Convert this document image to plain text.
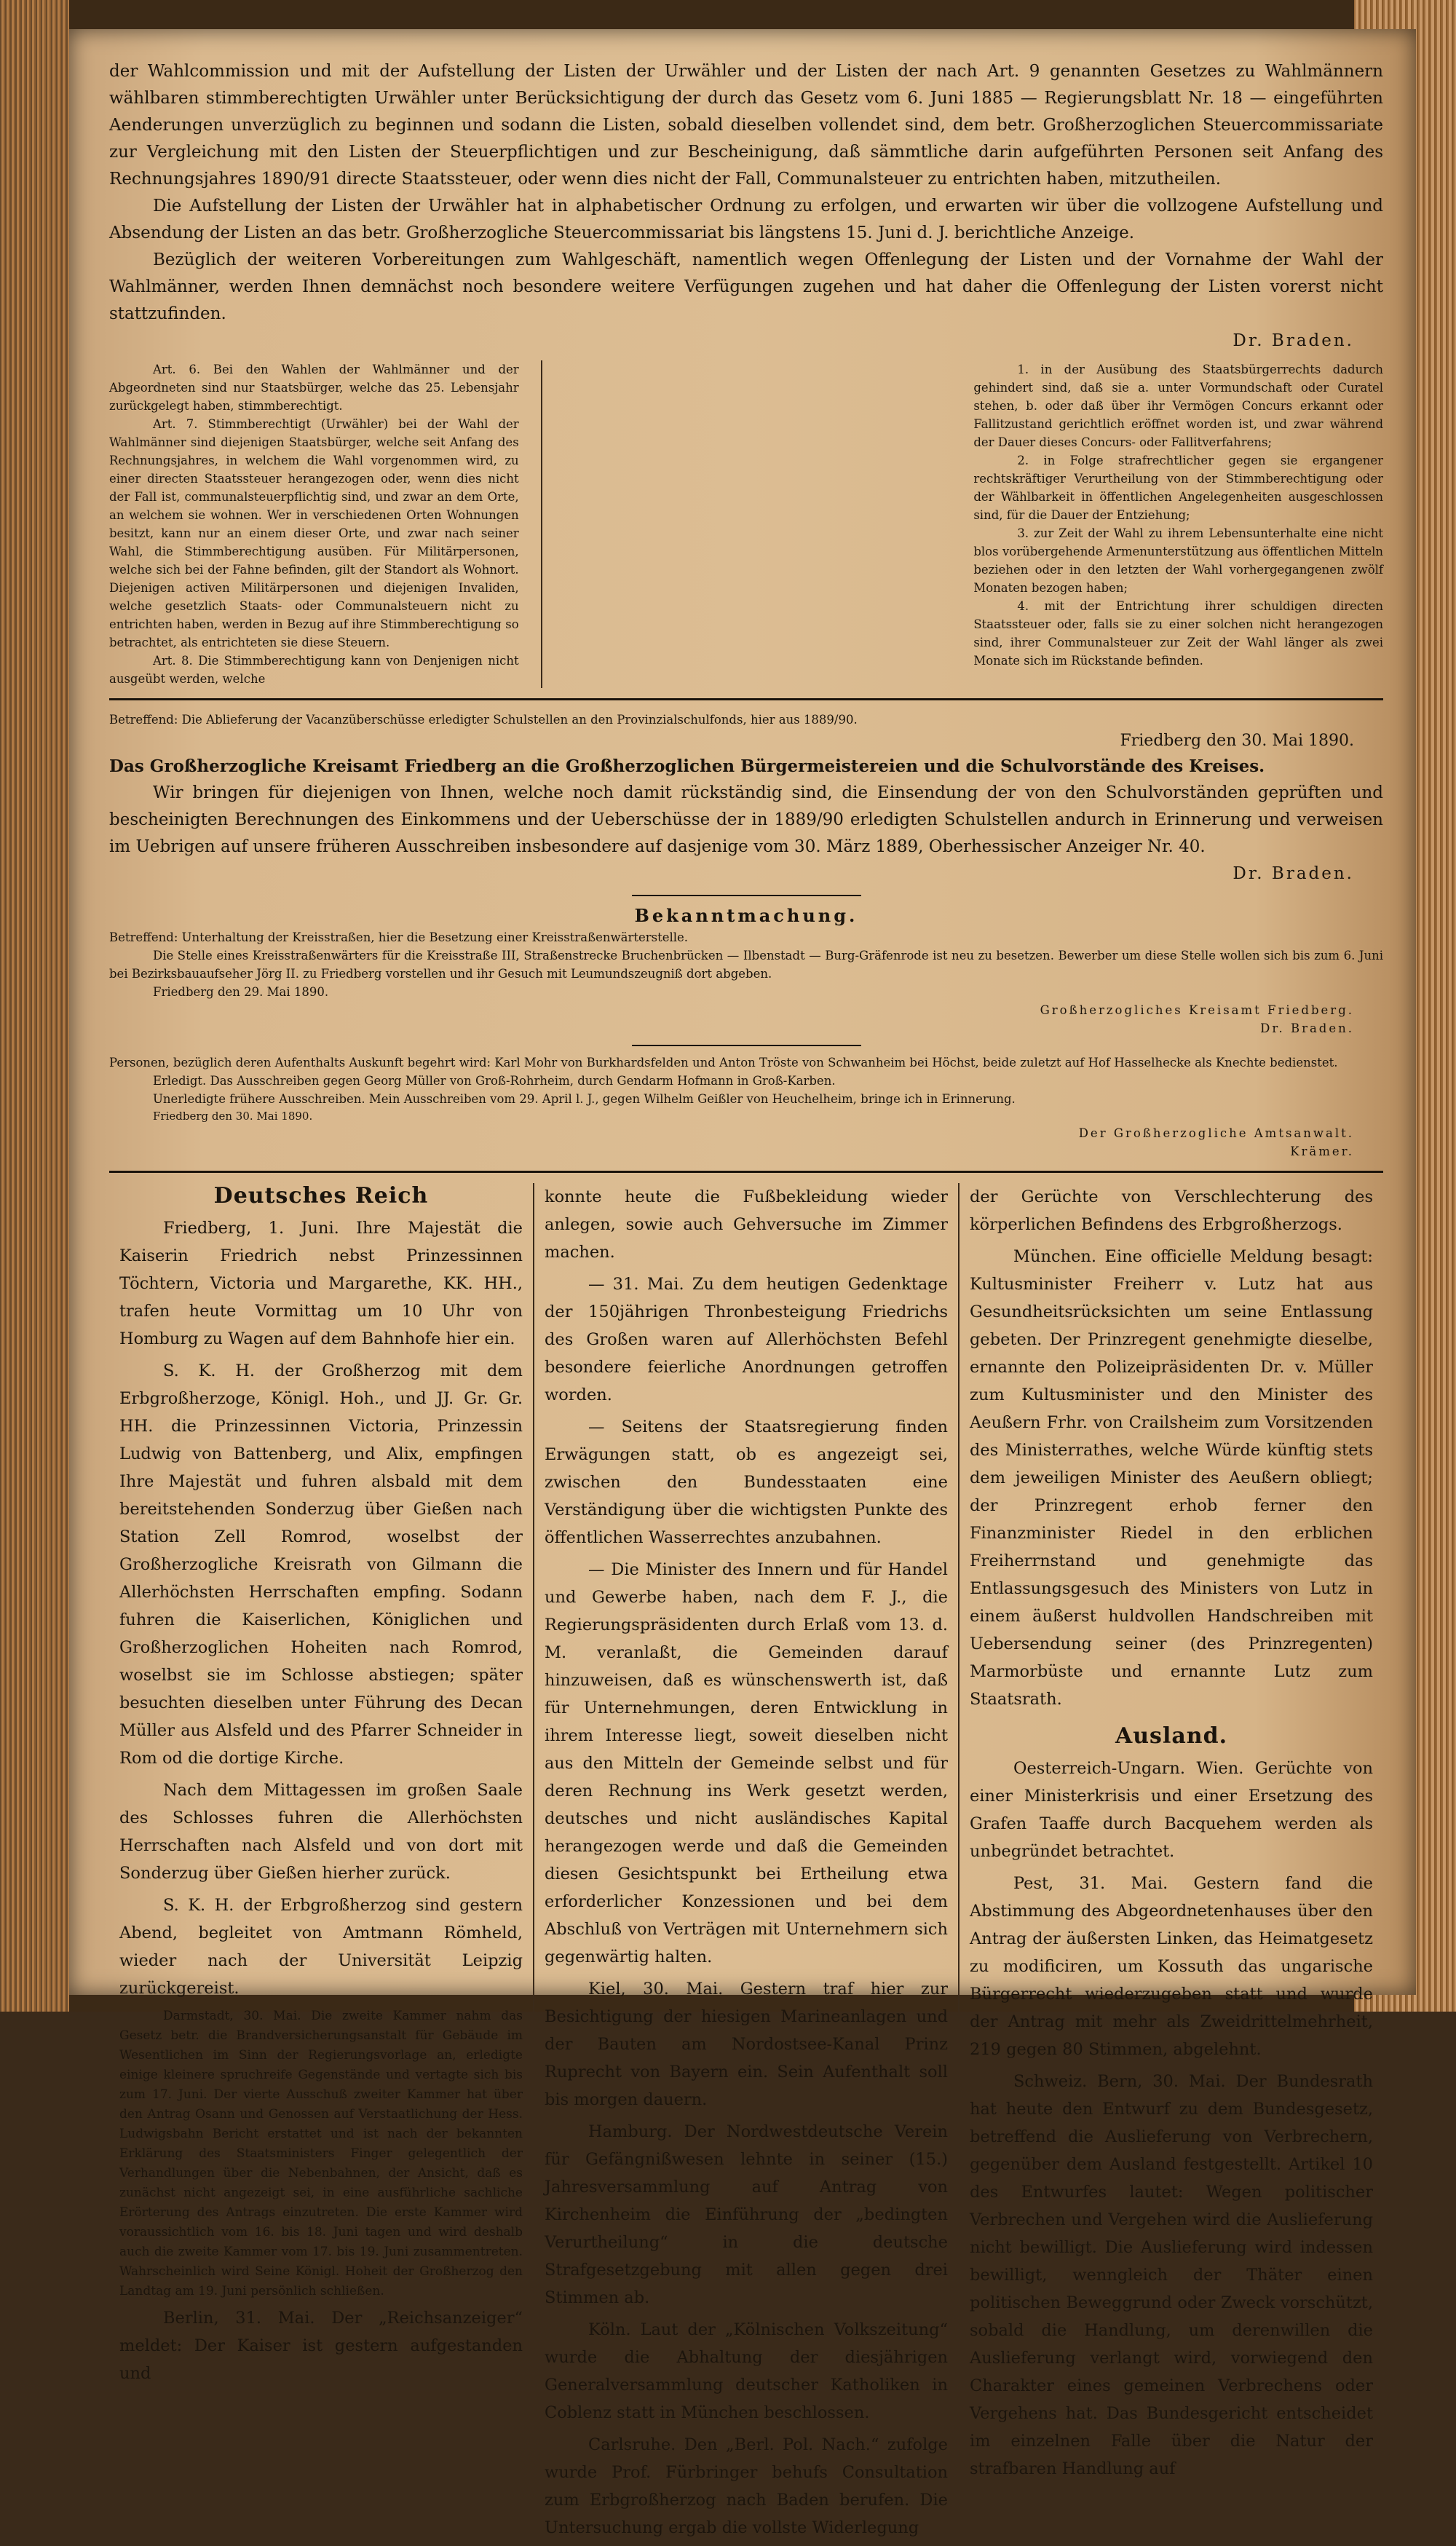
der Wahlcommission und mit der Aufstellung der Listen der Urwähler und der Listen der nach Art. 9 genannten Gesetzes zu Wahlmännern wählbaren stimmberechtigten Urwähler unter Berücksichtigung der durch das Gesetz vom 6. Juni 1885 — Regierungsblatt Nr. 18 — eingeführten Aenderungen unverzüglich zu beginnen und sodann die Listen, sobald dieselben vollendet sind, dem betr. Großherzoglichen Steuercommissariate zur Vergleichung mit den Listen der Steuerpflichtigen und zur Bescheinigung, daß sämmtliche darin aufgeführten Personen seit Anfang des Rechnungsjahres 1890/91 directe Staatssteuer, oder wenn dies nicht der Fall, Communalsteuer zu entrichten haben, mitzutheilen.

Die Aufstellung der Listen der Urwähler hat in alphabetischer Ordnung zu erfolgen, und erwarten wir über die vollzogene Aufstellung und Absendung der Listen an das betr. Großherzogliche Steuercommissariat bis längstens 15. Juni d. J. berichtliche Anzeige.

Bezüglich der weiteren Vorbereitungen zum Wahlgeschäft, namentlich wegen Offenlegung der Listen und der Vornahme der Wahl der Wahlmänner, werden Ihnen demnächst noch besondere weitere Verfügungen zugehen und hat daher die Offenlegung der Listen vorerst nicht stattzufinden.

Dr. Braden.

Art. 6. Bei den Wahlen der Wahlmänner und der Abgeordneten sind nur Staatsbürger, welche das 25. Lebensjahr zurückgelegt haben, stimmberechtigt.

Art. 7. Stimmberechtigt (Urwähler) bei der Wahl der Wahlmänner sind diejenigen Staatsbürger, welche seit Anfang des Rechnungsjahres, in welchem die Wahl vorgenommen wird, zu einer directen Staatssteuer herangezogen oder, wenn dies nicht der Fall ist, communalsteuerpflichtig sind, und zwar an dem Orte, an welchem sie wohnen. Wer in verschiedenen Orten Wohnungen besitzt, kann nur an einem dieser Orte, und zwar nach seiner Wahl, die Stimmberechtigung ausüben. Für Militärpersonen, welche sich bei der Fahne befinden, gilt der Standort als Wohnort. Diejenigen activen Militärpersonen und diejenigen Invaliden, welche gesetzlich Staats- oder Communalsteuern nicht zu entrichten haben, werden in Bezug auf ihre Stimmberechtigung so betrachtet, als entrichteten sie diese Steuern.

Art. 8. Die Stimmberechtigung kann von Denjenigen nicht ausgeübt werden, welche

1. in der Ausübung des Staatsbürgerrechts dadurch gehindert sind, daß sie a. unter Vormundschaft oder Curatel stehen, b. oder daß über ihr Vermögen Concurs erkannt oder Fallitzustand gerichtlich eröffnet worden ist, und zwar während der Dauer dieses Concurs- oder Fallitverfahrens;

2. in Folge strafrechtlicher gegen sie ergangener rechtskräftiger Verurtheilung von der Stimmberechtigung oder der Wählbarkeit in öffentlichen Angelegenheiten ausgeschlossen sind, für die Dauer der Entziehung;

3. zur Zeit der Wahl zu ihrem Lebensunterhalte eine nicht blos vorübergehende Armenunterstützung aus öffentlichen Mitteln beziehen oder in den letzten der Wahl vorhergegangenen zwölf Monaten bezogen haben;

4. mit der Entrichtung ihrer schuldigen directen Staatssteuer oder, falls sie zu einer solchen nicht herangezogen sind, ihrer Communalsteuer zur Zeit der Wahl länger als zwei Monate sich im Rückstande befinden.

Betreffend: Die Ablieferung der Vacanzüberschüsse erledigter Schulstellen an den Provinzialschulfonds, hier aus 1889/90.

Friedberg den 30. Mai 1890.

Das Großherzogliche Kreisamt Friedberg an die Großherzoglichen Bürgermeistereien und die Schulvorstände des Kreises.

Wir bringen für diejenigen von Ihnen, welche noch damit rückständig sind, die Einsendung der von den Schulvorständen geprüften und bescheinigten Berechnungen des Einkommens und der Ueberschüsse der in 1889/90 erledigten Schulstellen andurch in Erinnerung und verweisen im Uebrigen auf unsere früheren Ausschreiben insbesondere auf dasjenige vom 30. März 1889, Oberhessischer Anzeiger Nr. 40.

Dr. Braden.

Bekanntmachung.

Betreffend: Unterhaltung der Kreisstraßen, hier die Besetzung einer Kreisstraßenwärterstelle.

Die Stelle eines Kreisstraßenwärters für die Kreisstraße III, Straßenstrecke Bruchenbrücken — Ilbenstadt — Burg-Gräfenrode ist neu zu besetzen. Bewerber um diese Stelle wollen sich bis zum 6. Juni bei Bezirksbauaufseher Jörg II. zu Friedberg vorstellen und ihr Gesuch mit Leumundszeugniß dort abgeben.

Friedberg den 29. Mai 1890.

Großherzogliches Kreisamt Friedberg.

Dr. Braden.

Personen, bezüglich deren Aufenthalts Auskunft begehrt wird: Karl Mohr von Burkhardsfelden und Anton Tröste von Schwanheim bei Höchst, beide zuletzt auf Hof Hasselhecke als Knechte bedienstet.

Erledigt. Das Ausschreiben gegen Georg Müller von Groß-Rohrheim, durch Gendarm Hofmann in Groß-Karben.

Unerledigte frühere Ausschreiben. Mein Ausschreiben vom 29. April l. J., gegen Wilhelm Geißler von Heuchelheim, bringe ich in Erinnerung.

Friedberg den 30. Mai 1890.

Der Großherzogliche Amtsanwalt.

Krämer.

Deutsches Reich

Friedberg, 1. Juni. Ihre Majestät die Kaiserin Friedrich nebst Prinzessinnen Töchtern, Victoria und Margarethe, KK. HH., trafen heute Vormittag um 10 Uhr von Homburg zu Wagen auf dem Bahnhofe hier ein.

S. K. H. der Großherzog mit dem Erbgroßherzoge, Königl. Hoh., und JJ. Gr. Gr. HH. die Prinzessinnen Victoria, Prinzessin Ludwig von Battenberg, und Alix, empfingen Ihre Majestät und fuhren alsbald mit dem bereitstehenden Sonderzug über Gießen nach Station Zell Romrod, woselbst der Großherzogliche Kreisrath von Gilmann die Allerhöchsten Herrschaften empfing. Sodann fuhren die Kaiserlichen, Königlichen und Großherzoglichen Hoheiten nach Romrod, woselbst sie im Schlosse abstiegen; später besuchten dieselben unter Führung des Decan Müller aus Alsfeld und des Pfarrer Schneider in Rom od die dortige Kirche.

Nach dem Mittagessen im großen Saale des Schlosses fuhren die Allerhöchsten Herrschaften nach Alsfeld und von dort mit Sonderzug über Gießen hierher zurück.

S. K. H. der Erbgroßherzog sind gestern Abend, begleitet von Amtmann Römheld, wieder nach der Universität Leipzig zurückgereist.

Darmstadt, 30. Mai. Die zweite Kammer nahm das Gesetz betr. die Brandversicherungsanstalt für Gebäude im Wesentlichen im Sinn der Regierungsvorlage an, erledigte einige kleinere spruchreife Gegenstände und vertagte sich bis zum 17. Juni. Der vierte Ausschuß zweiter Kammer hat über den Antrag Osann und Genossen auf Verstaatlichung der Hess. Ludwigsbahn Bericht erstattet und ist nach der bekannten Erklärung des Staatsministers Finger gelegentlich der Verhandlungen über die Nebenbahnen, der Ansicht, daß es zunächst nicht angezeigt sei, in eine ausführliche sachliche Erörterung des Antrags einzutreten. Die erste Kammer wird voraussichtlich vom 16. bis 18. Juni tagen und wird deshalb auch die zweite Kammer vom 17. bis 19. Juni zusammentreten. Wahrscheinlich wird Seine Königl. Hoheit der Großherzog den Landtag am 19. Juni persönlich schließen.

Berlin, 31. Mai. Der „Reichsanzeiger“ meldet: Der Kaiser ist gestern aufgestanden und

konnte heute die Fußbekleidung wieder anlegen, sowie auch Gehversuche im Zimmer machen.

— 31. Mai. Zu dem heutigen Gedenktage der 150jährigen Thronbesteigung Friedrichs des Großen waren auf Allerhöchsten Befehl besondere feierliche Anordnungen getroffen worden.

— Seitens der Staatsregierung finden Erwägungen statt, ob es angezeigt sei, zwischen den Bundesstaaten eine Verständigung über die wichtigsten Punkte des öffentlichen Wasserrechtes anzubahnen.

— Die Minister des Innern und für Handel und Gewerbe haben, nach dem F. J., die Regierungspräsidenten durch Erlaß vom 13. d. M. veranlaßt, die Gemeinden darauf hinzuweisen, daß es wünschenswerth ist, daß für Unternehmungen, deren Entwicklung in ihrem Interesse liegt, soweit dieselben nicht aus den Mitteln der Gemeinde selbst und für deren Rechnung ins Werk gesetzt werden, deutsches und nicht ausländisches Kapital herangezogen werde und daß die Gemeinden diesen Gesichtspunkt bei Ertheilung etwa erforderlicher Konzessionen und bei dem Abschluß von Verträgen mit Unternehmern sich gegenwärtig halten.

Kiel, 30. Mai. Gestern traf hier zur Besichtigung der hiesigen Marineanlagen und der Bauten am Nordostsee-Kanal Prinz Ruprecht von Bayern ein. Sein Aufenthalt soll bis morgen dauern.

Hamburg. Der Nordwestdeutsche Verein für Gefängnißwesen lehnte in seiner (15.) Jahresversammlung auf Antrag von Kirchenheim die Einführung der „bedingten Verurtheilung“ in die deutsche Strafgesetzgebung mit allen gegen drei Stimmen ab.

Köln. Laut der „Kölnischen Volkszeitung“ wurde die Abhaltung der diesjährigen Generalversammlung deutscher Katholiken in Coblenz statt in München beschlossen.

Carlsruhe. Den „Berl. Pol. Nach.“ zufolge wurde Prof. Fürbringer behufs Consultation zum Erbgroßherzog nach Baden berufen. Die Untersuchung ergab die vollste Widerlegung

der Gerüchte von Verschlechterung des körperlichen Befindens des Erbgroßherzogs.

München. Eine officielle Meldung besagt: Kultusminister Freiherr v. Lutz hat aus Gesundheitsrücksichten um seine Entlassung gebeten. Der Prinzregent genehmigte dieselbe, ernannte den Polizeipräsidenten Dr. v. Müller zum Kultusminister und den Minister des Aeußern Frhr. von Crailsheim zum Vorsitzenden des Ministerrathes, welche Würde künftig stets dem jeweiligen Minister des Aeußern obliegt; der Prinzregent erhob ferner den Finanzminister Riedel in den erblichen Freiherrnstand und genehmigte das Entlassungsgesuch des Ministers von Lutz in einem äußerst huldvollen Handschreiben mit Uebersendung seiner (des Prinzregenten) Marmorbüste und ernannte Lutz zum Staatsrath.

Ausland.

Oesterreich-Ungarn. Wien. Gerüchte von einer Ministerkrisis und einer Ersetzung des Grafen Taaffe durch Bacquehem werden als unbegründet betrachtet.

Pest, 31. Mai. Gestern fand die Abstimmung des Abgeordnetenhauses über den Antrag der äußersten Linken, das Heimatgesetz zu modificiren, um Kossuth das ungarische Bürgerrecht wiederzugeben statt und wurde der Antrag mit mehr als Zweidrittelmehrheit, 219 gegen 80 Stimmen, abgelehnt.

Schweiz. Bern, 30. Mai. Der Bundesrath hat heute den Entwurf zu dem Bundesgesetz, betreffend die Auslieferung von Verbrechern, gegenüber dem Ausland festgestellt. Artikel 10 des Entwurfes lautet: Wegen politischer Verbrechen und Vergehen wird die Auslieferung nicht bewilligt. Die Auslieferung wird indessen bewilligt, wenngleich der Thäter einen politischen Beweggrund oder Zweck vorschützt, sobald die Handlung, um derenwillen die Auslieferung verlangt wird, vorwiegend den Charakter eines gemeinen Verbrechens oder Vergehens hat. Das Bundesgericht entscheidet im einzelnen Falle über die Natur der strafbaren Handlung auf
